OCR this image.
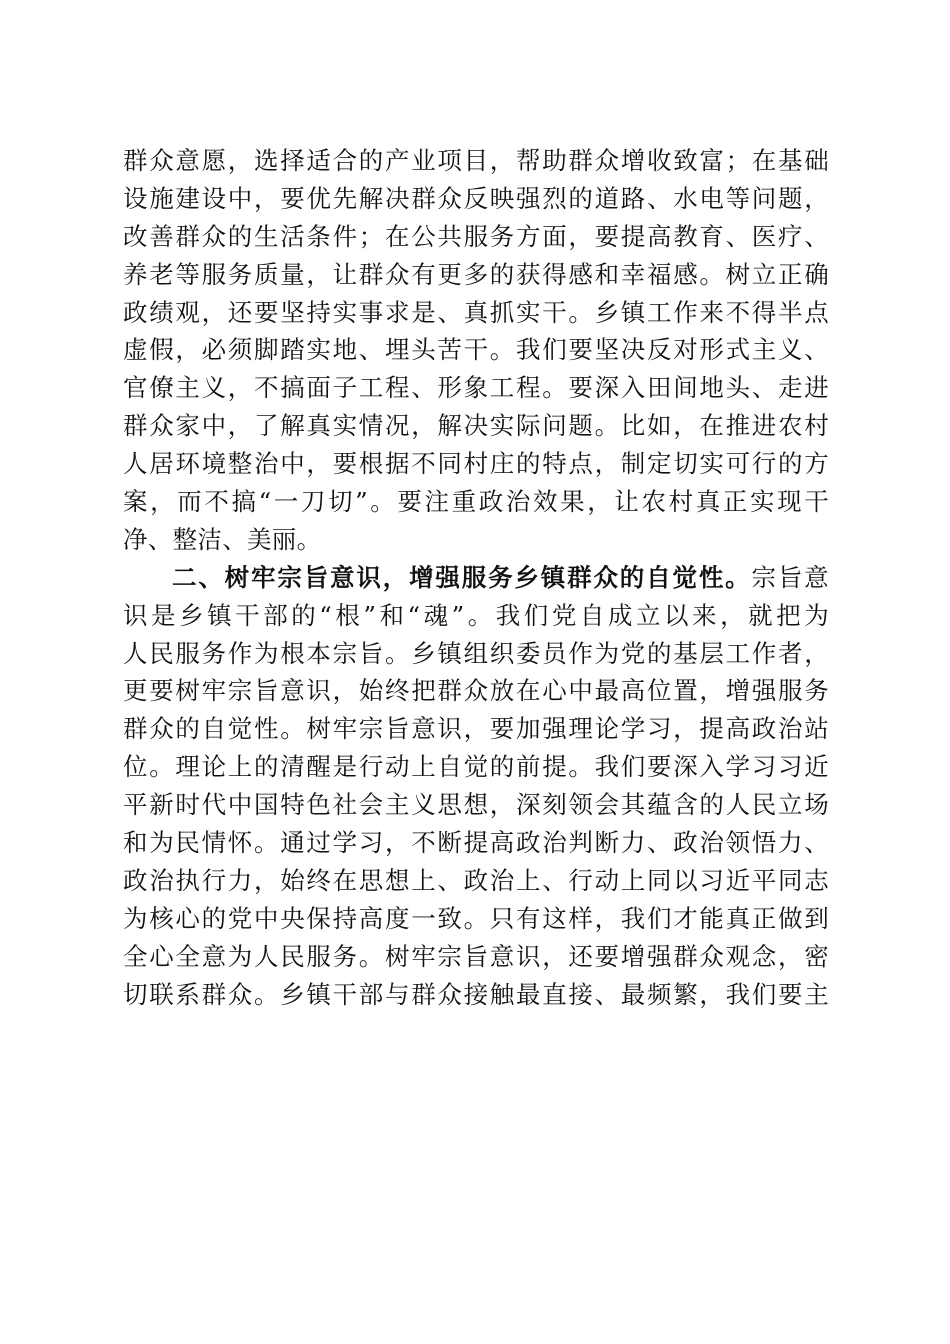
群众意愿，选择适合的产业项目，帮助群众增收致富；在基础
设施建设中，要优先解决群众反映强烈的道路、水电等问题，
改善群众的生活条件；在公共服务方面，要提高教育、医疗、
养老等服务质量，让群众有更多的获得感和幸福感。树立正确
政绩观，还要坚持实事求是、真抓实干。乡镇工作来不得半点
虚假，必须脚踏实地、埋头苦干。我们要坚决反对形式主义、
官僚主义，不搞面子工程、形象工程。要深入田间地头、走进
群众家中，了解真实情况，解决实际问题。比如，在推进农村
人居环境整治中，要根据不同村庄的特点，制定切实可行的方
案，而不搞“一刀切”。要注重政治效果，让农村真正实现干
净、整洁、美丽。
二、树牢宗旨意识，增强服务乡镇群众的自觉性。宗旨意
识是乡镇干部的“根”和“魂”。我们党自成立以来，就把为
人民服务作为根本宗旨。乡镇组织委员作为党的基层工作者，
更要树牢宗旨意识，始终把群众放在心中最高位置，增强服务
群众的自觉性。树牢宗旨意识，要加强理论学习，提高政治站
位。理论上的清醒是行动上自觉的前提。我们要深入学习习近
平新时代中国特色社会主义思想，深刻领会其蕴含的人民立场
和为民情怀。通过学习，不断提高政治判断力、政治领悟力、
政治执行力，始终在思想上、政治上、行动上同以习近平同志
为核心的党中央保持高度一致。只有这样，我们才能真正做到
全心全意为人民服务。树牢宗旨意识，还要增强群众观念，密
切联系群众。乡镇干部与群众接触最直接、最频繁，我们要主
